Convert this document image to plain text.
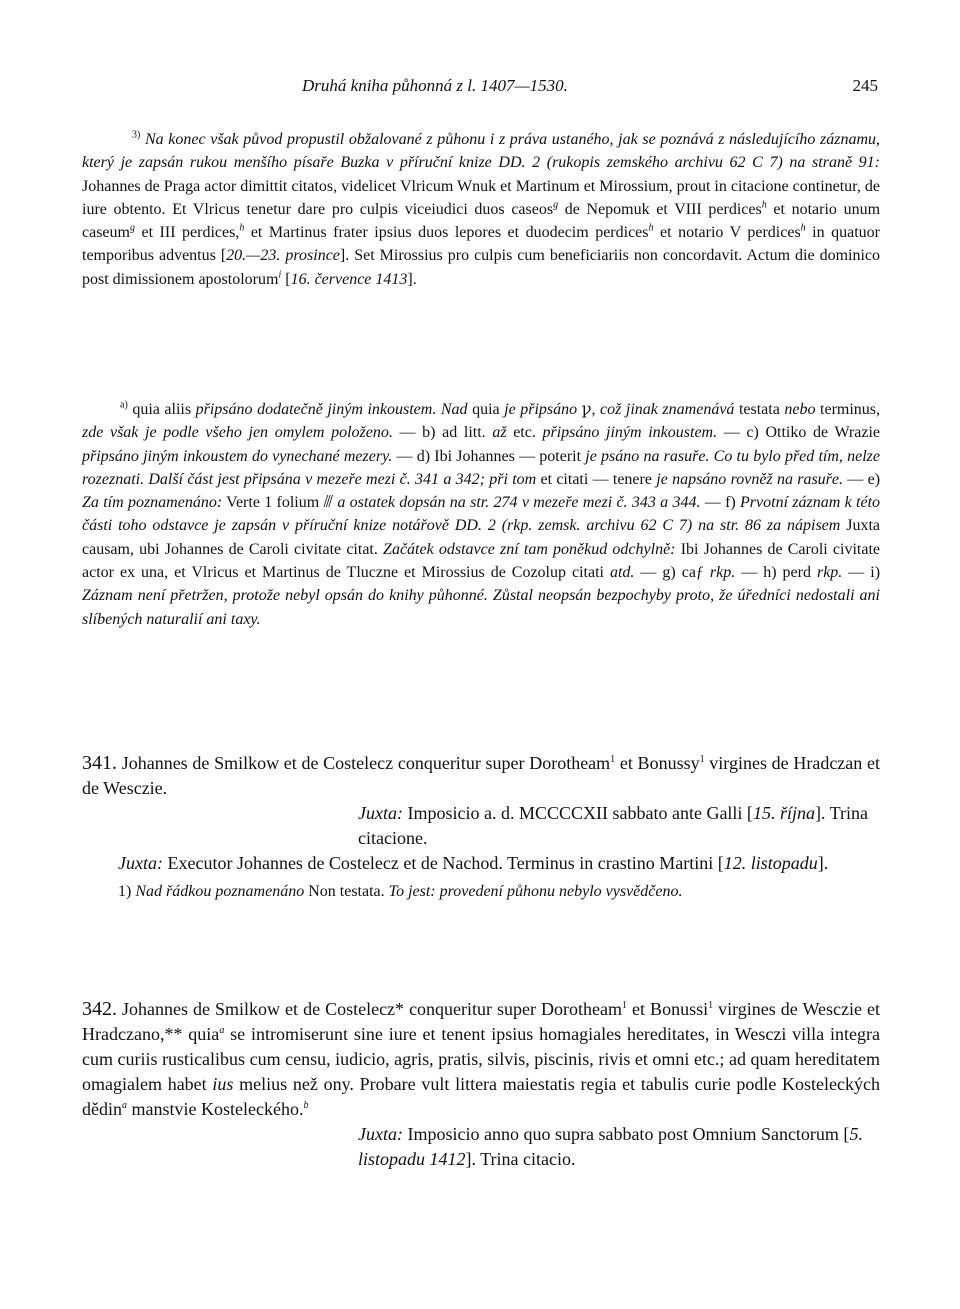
Druhá kniha půhonná z l. 1407—1530.	245

$^{3)}$ Na konec však původ propustil obžalované z půhonu i z práva ustaného, jak se poznává z následujícího záznamu, který je zapsán rukou menšího písaře Buzka v příruční knize DD. 2 (rukopis zemského archivu 62 C 7) na straně 91: Johannes de Praga actor dimittit citatos, videlicet Vlricum Wnuk et Martinum et Mirossium, prout in citacione continetur, de iure obtento. Et Vlricus tenetur dare pro culpis viceiudici duos caseos$^g$ de Nepomuk et VIII perdices$^h$ et notario unum caseum$^g$ et III perdices,$^h$ et Martinus frater ipsius duos lepores et duodecim perdices$^h$ et notario V perdices$^h$ in quatuor temporibus adventus [20.—23. prosince]. Set Mirossius pro culpis cum beneficiariis non concordavit. Actum die dominico post dimissionem apostolorum$^i$ [16. července 1413].

$^{a)}$ quia aliis připsáno dodatečně jiným inkoustem. Nad quia je připsáno ꝩ, což jinak znamenává testata nebo terminus, zde však je podle všeho jen omylem položeno. — b) ad litt. až etc. připsáno jiným inkoustem. — c) Ottiko de Wrazie připsáno jiným inkoustem do vynechané mezery. — d) Ibi Johannes — poterit je psáno na rasuře. Co tu bylo před tím, nelze rozeznati. Další část jest připsána v mezeře mezi č. 341 a 342; při tom et citati — tenere je napsáno rovněž na rasuře. — e) Za tím poznamenáno: Verte 1 folium ⫻ a ostatek dopsán na str. 274 v mezeře mezi č. 343 a 344. — f) Prvotní záznam k této části toho odstavce je zapsán v příruční knize notářově DD. 2 (rkp. zemsk. archivu 62 C 7) na str. 86 za nápisem Juxta causam, ubi Johannes de Caroli civitate citat. Začátek odstavce zní tam poněkud odchylně: Ibi Johannes de Caroli civitate actor ex una, et Vlricus et Martinus de Tlucznе et Mirossius de Cozolup citati atd. — g) caƒ rkp. — h) perd rkp. — i) Záznam není přetržen, protože nebyl opsán do knihy půhonné. Zůstal neopsán bezpochyby proto, že úředníci nedostali ani slíbených naturalií ani taxy.

341. Johannes de Smilkow et de Costelecz conqueritur super Dorotheam$^1$ et Bonussy$^1$ virgines de Hradczan et de Wesczie.

Juxta: Imposicio a. d. MCCCCXII sabbato ante Galli [15. října]. Trina citacione.

Juxta: Executor Johannes de Costelecz et de Nachod. Terminus in crastino Martini [12. listopadu].

1) Nad řádkou poznamenáno Non testata. To jest: provedení půhonu nebylo vysvědčeno.

342. Johannes de Smilkow et de Costelecz* conqueritur super Dorotheam$^1$ et Bonussi$^1$ virgines de Wesczie et Hradczano,** quia$^a$ se intromiserunt sine iure et tenent ipsius homagiales hereditates, in Wesczi villa integra cum curiis rusticalibus cum censu, iudicio, agris, pratis, silvis, piscinis, rivis et omni etc.; ad quam hereditatem omagialem habet ius melius než ony. Probare vult littera maiestatis regia et tabulis curie podle Kosteleckých dědin$^a$ manstvie Kosteleckého.$^b$

Juxta: Imposicio anno quo supra sabbato post Omnium Sanctorum [5. listopadu 1412]. Trina citacio.
